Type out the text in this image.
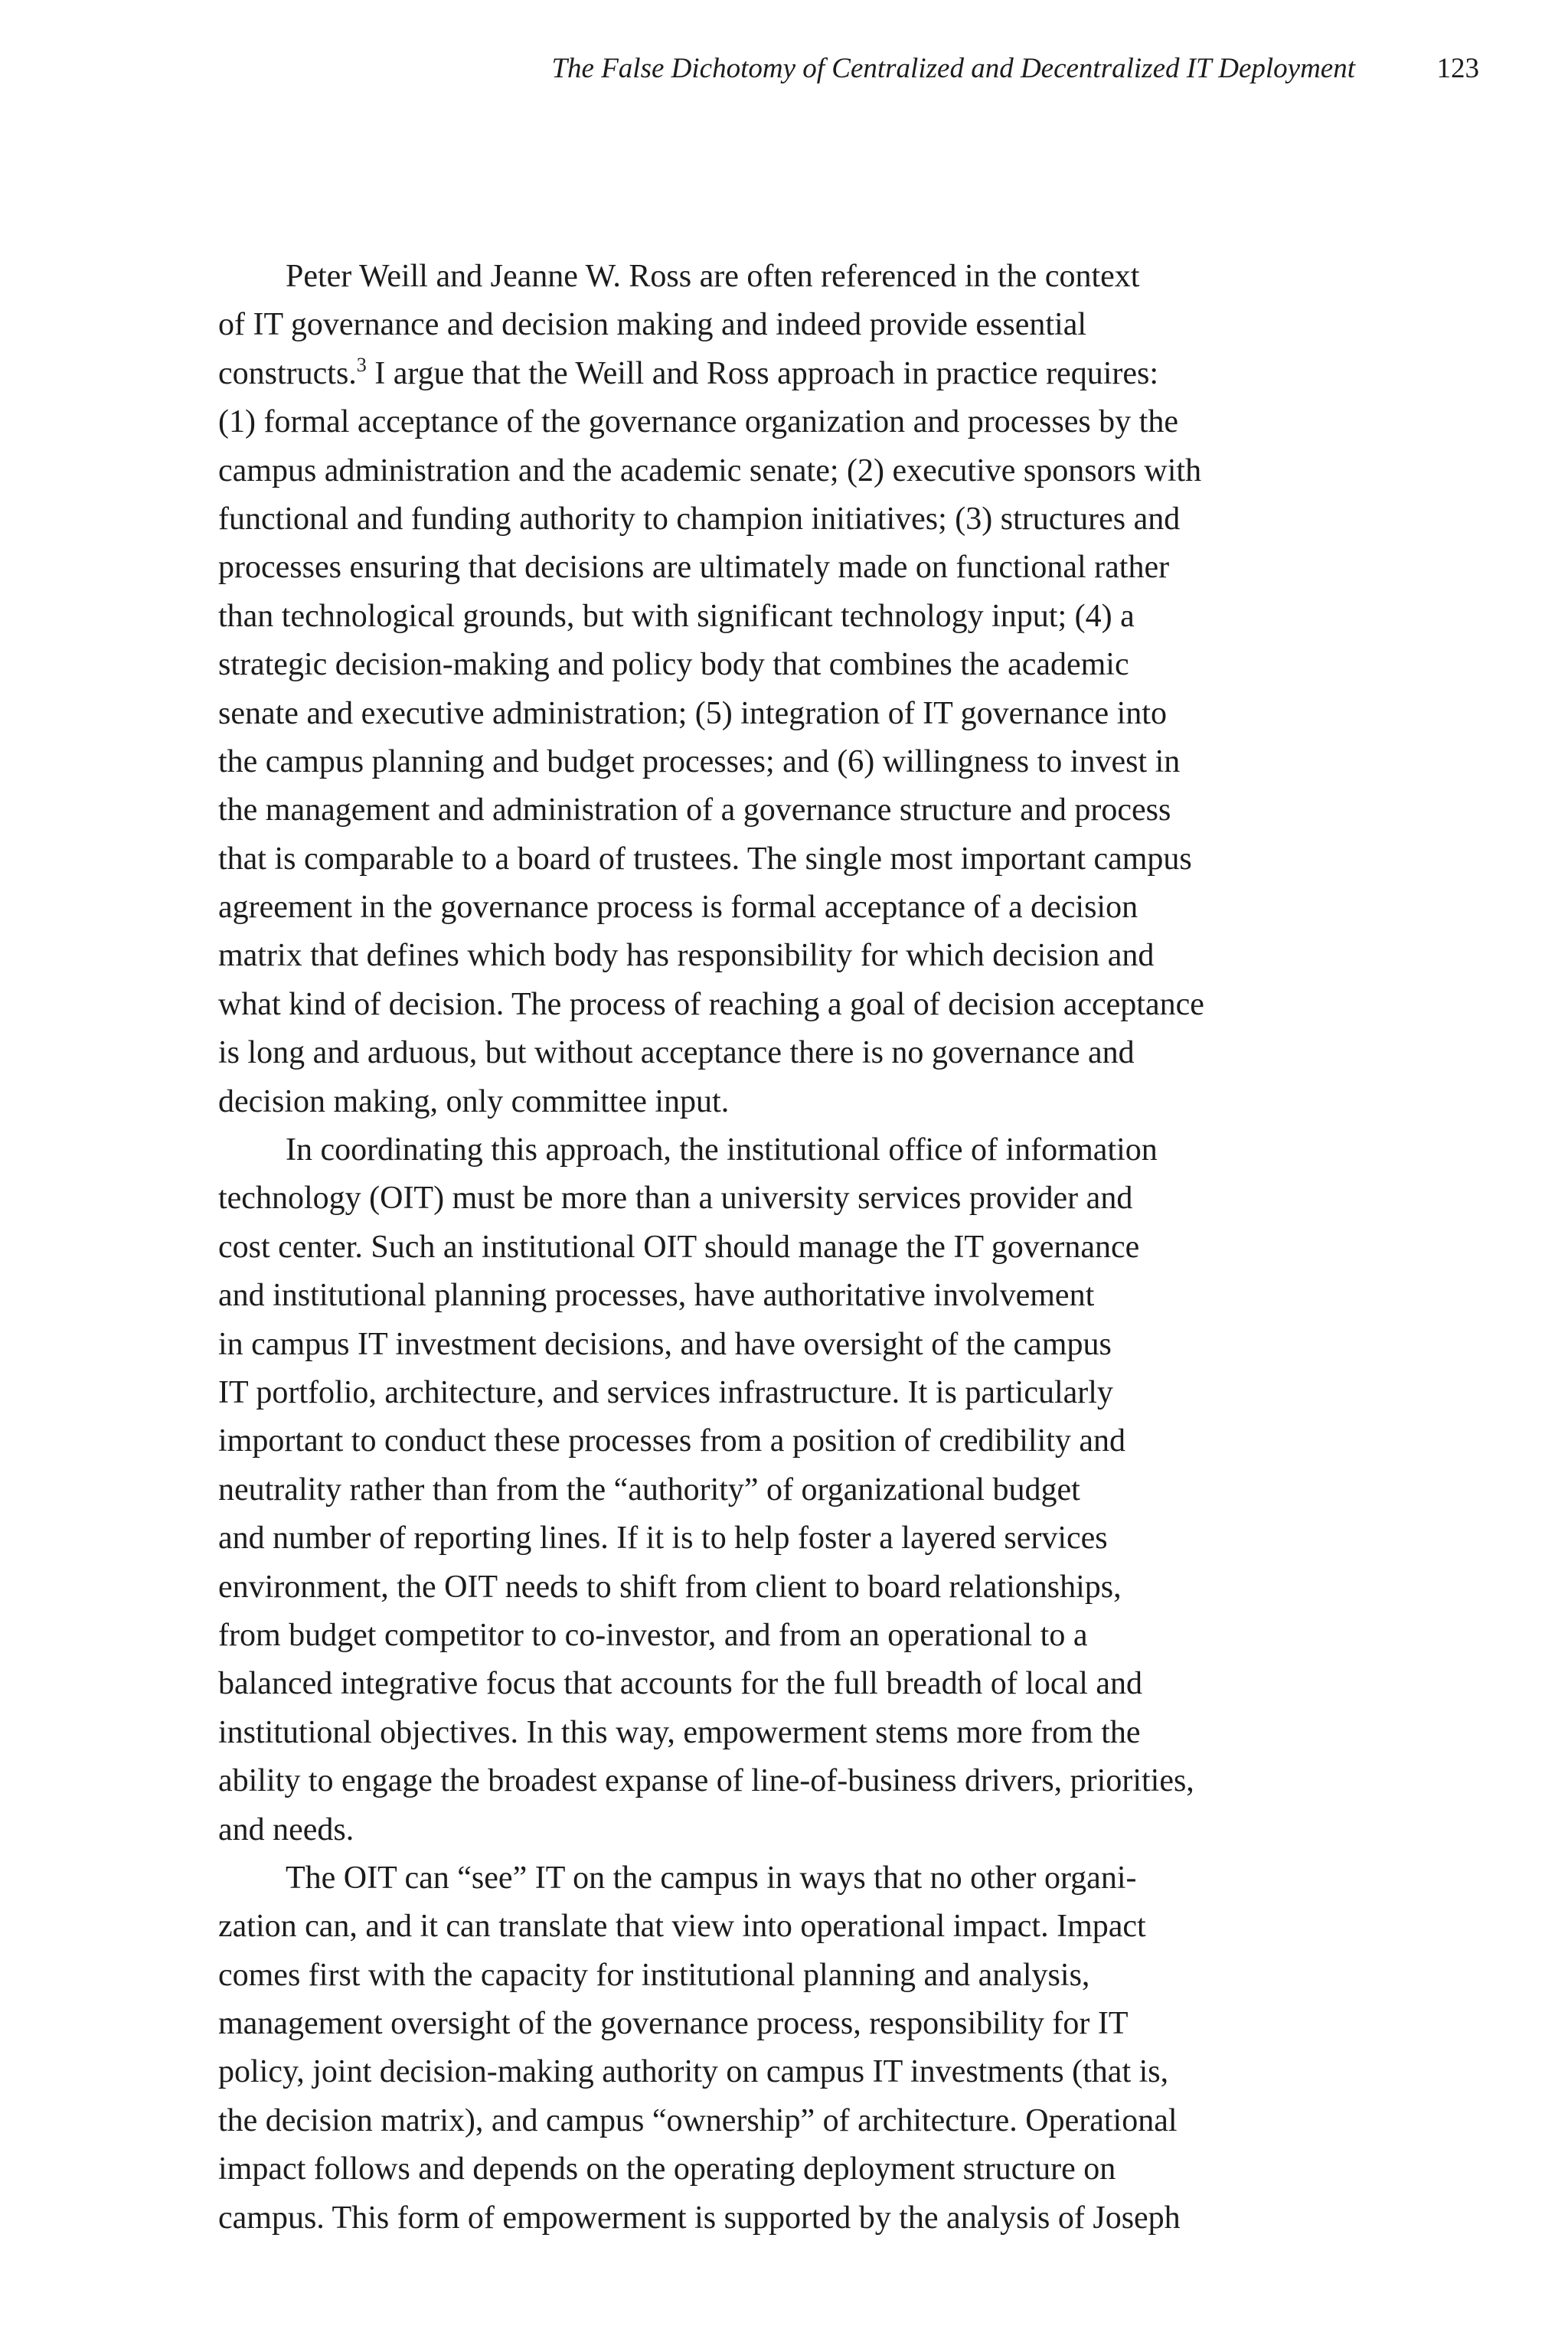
The False Dichotomy of Centralized and Decentralized IT Deployment	123
Peter Weill and Jeanne W. Ross are often referenced in the context
of IT governance and decision making and indeed provide essential
constructs.$^3$ I argue that the Weill and Ross approach in practice requires:
(1) formal acceptance of the governance organization and processes by the
campus administration and the academic senate; (2) executive sponsors with
functional and funding authority to champion initiatives; (3) structures and
processes ensuring that decisions are ultimately made on functional rather
than technological grounds, but with significant technology input; (4) a
strategic decision-making and policy body that combines the academic
senate and executive administration; (5) integration of IT governance into
the campus planning and budget processes; and (6) willingness to invest in
the management and administration of a governance structure and process
that is comparable to a board of trustees. The single most important campus
agreement in the governance process is formal acceptance of a decision
matrix that defines which body has responsibility for which decision and
what kind of decision. The process of reaching a goal of decision acceptance
is long and arduous, but without acceptance there is no governance and
decision making, only committee input.
In coordinating this approach, the institutional office of information
technology (OIT) must be more than a university services provider and
cost center. Such an institutional OIT should manage the IT governance
and institutional planning processes, have authoritative involvement
in campus IT investment decisions, and have oversight of the campus
IT portfolio, architecture, and services infrastructure. It is particularly
important to conduct these processes from a position of credibility and
neutrality rather than from the “authority” of organizational budget
and number of reporting lines. If it is to help foster a layered services
environment, the OIT needs to shift from client to board relationships,
from budget competitor to co-investor, and from an operational to a
balanced integrative focus that accounts for the full breadth of local and
institutional objectives. In this way, empowerment stems more from the
ability to engage the broadest expanse of line-of-business drivers, priorities,
and needs.
The OIT can “see” IT on the campus in ways that no other organi-
zation can, and it can translate that view into operational impact. Impact
comes first with the capacity for institutional planning and analysis,
management oversight of the governance process, responsibility for IT
policy, joint decision-making authority on campus IT investments (that is,
the decision matrix), and campus “ownership” of architecture. Operational
impact follows and depends on the operating deployment structure on
campus. This form of empowerment is supported by the analysis of Joseph
